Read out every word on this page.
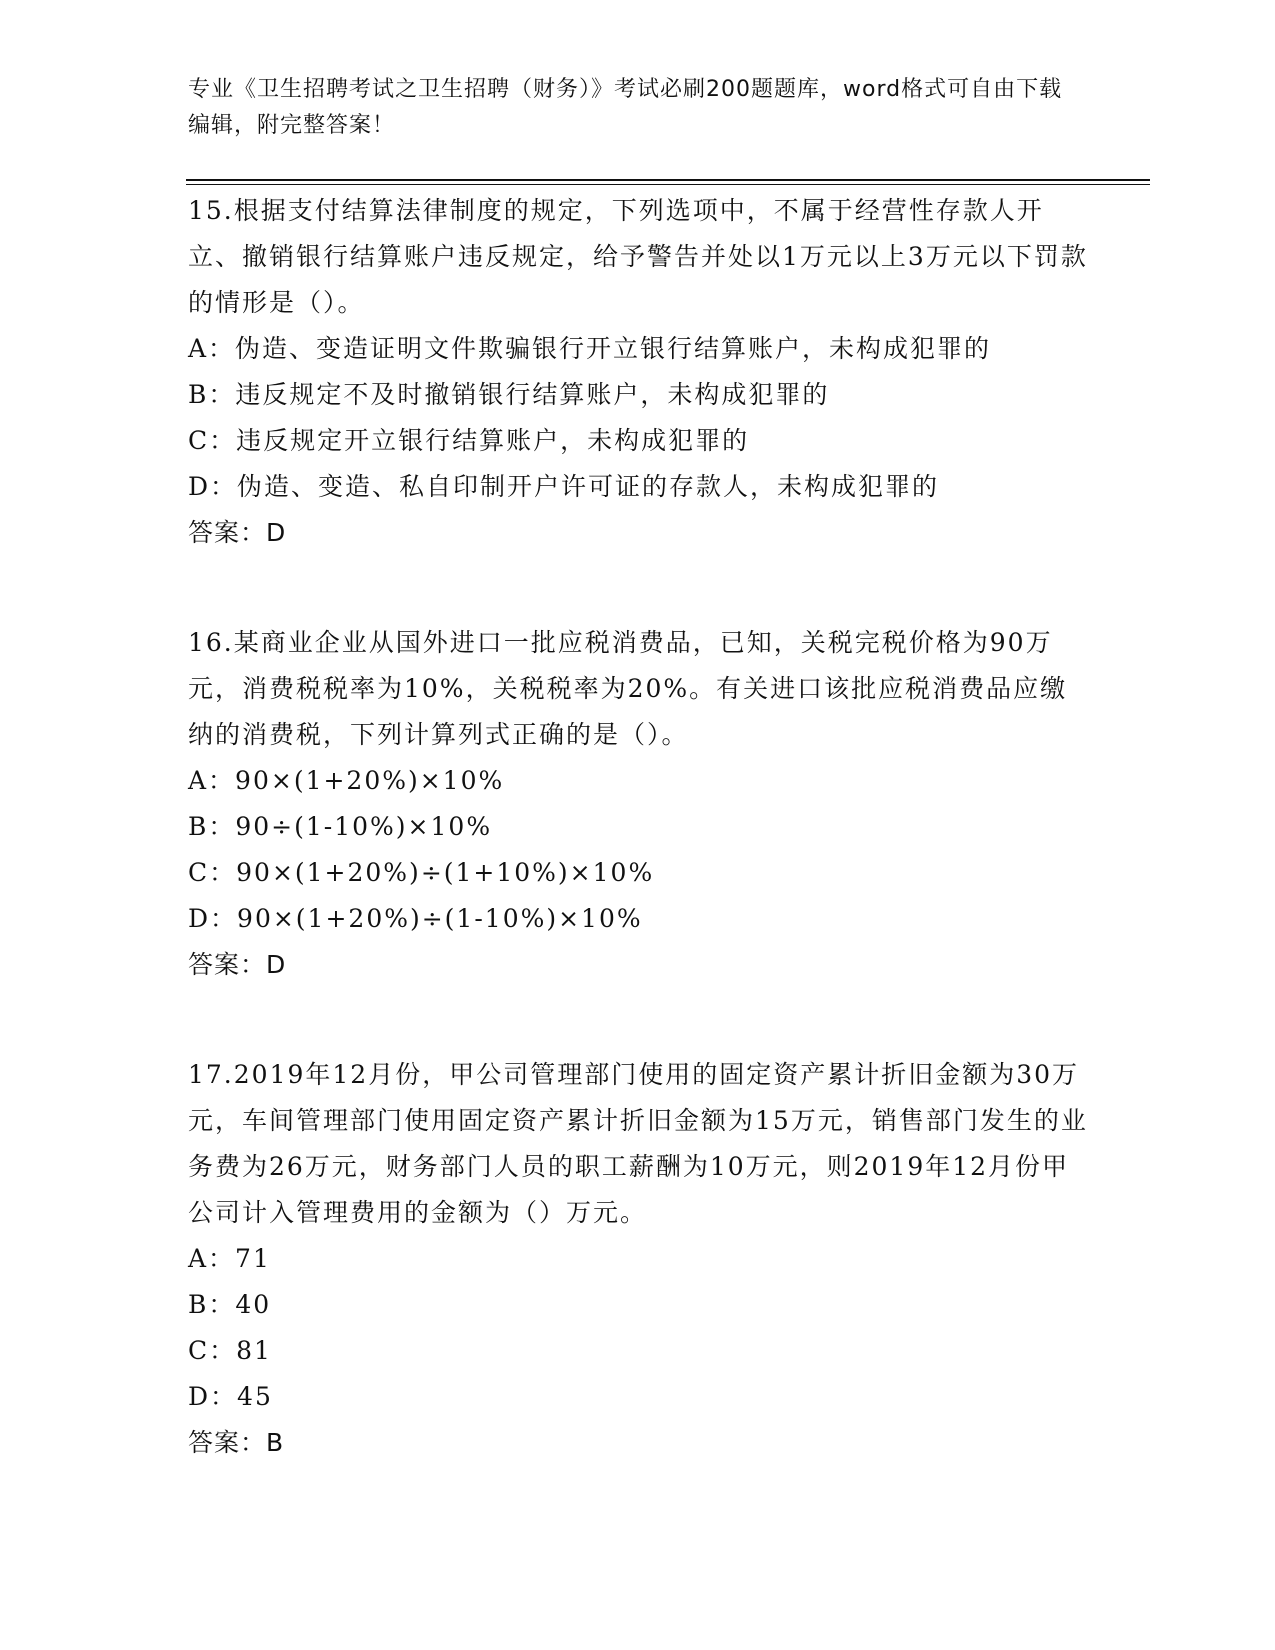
专业《卫生招聘考试之卫生招聘（财务）》考试必刷200题题库，word格式可自由下载编辑，附完整答案！
15.根据支付结算法律制度的规定，下列选项中，不属于经营性存款人开立、撤销银行结算账户违反规定，给予警告并处以1万元以上3万元以下罚款的情形是（）。
A：伪造、变造证明文件欺骗银行开立银行结算账户，未构成犯罪的
B：违反规定不及时撤销银行结算账户，未构成犯罪的
C：违反规定开立银行结算账户，未构成犯罪的
D：伪造、变造、私自印制开户许可证的存款人，未构成犯罪的
答案：D
16.某商业企业从国外进口一批应税消费品，已知，关税完税价格为90万元，消费税税率为10%，关税税率为20%。有关进口该批应税消费品应缴纳的消费税，下列计算列式正确的是（）。
A：90×(1+20%)×10%
B：90÷(1-10%)×10%
C：90×(1+20%)÷(1+10%)×10%
D：90×(1+20%)÷(1-10%)×10%
答案：D
17.2019年12月份，甲公司管理部门使用的固定资产累计折旧金额为30万元，车间管理部门使用固定资产累计折旧金额为15万元，销售部门发生的业务费为26万元，财务部门人员的职工薪酬为10万元，则2019年12月份甲公司计入管理费用的金额为（）万元。
A：71
B：40
C：81
D：45
答案：B
